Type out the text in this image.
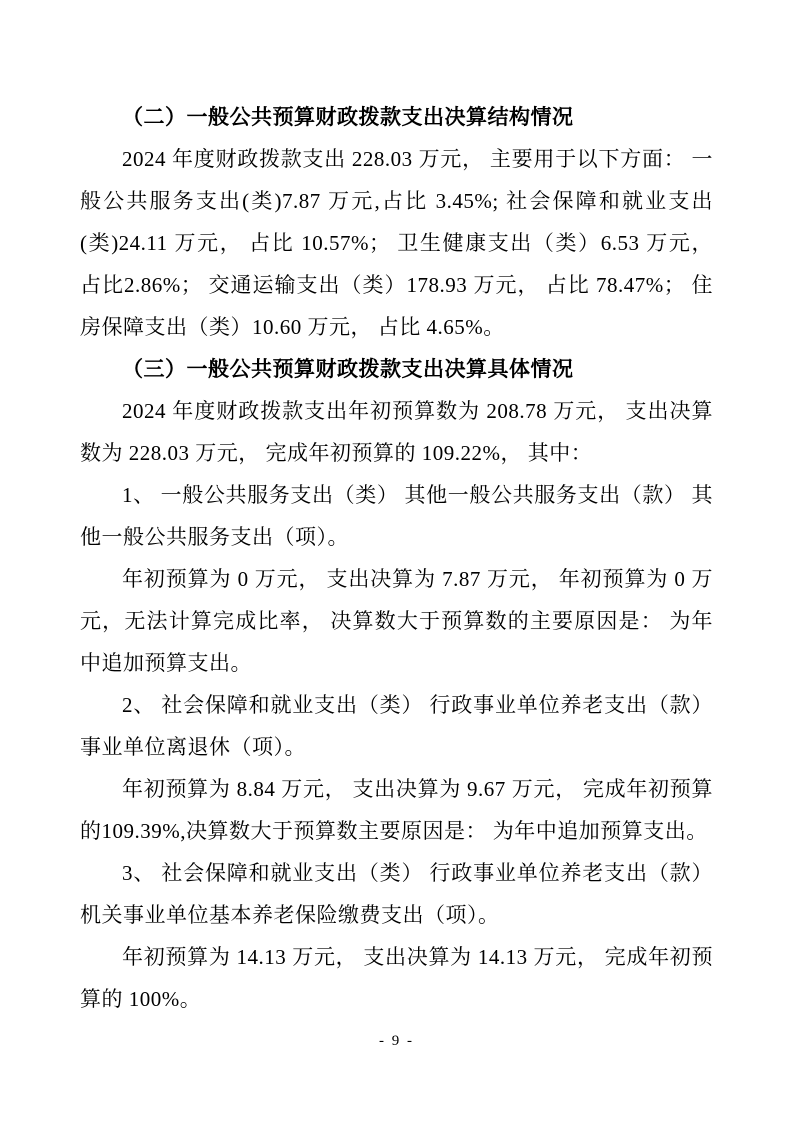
（二）一般公共预算财政拨款支出决算结构情况

2024 年度财政拨款支出 228.03 万元， 主要用于以下方面： 一般公共服务支出(类)7.87 万元,占比 3.45%; 社会保障和就业支出(类)24.11 万元， 占比 10.57%； 卫生健康支出（类）6.53 万元， 占比2.86%； 交通运输支出（类）178.93 万元， 占比 78.47%； 住房保障支出（类）10.60 万元， 占比 4.65%。

（三）一般公共预算财政拨款支出决算具体情况

2024 年度财政拨款支出年初预算数为 208.78 万元， 支出决算数为 228.03 万元， 完成年初预算的 109.22%， 其中：

1、 一般公共服务支出（类） 其他一般公共服务支出（款） 其他一般公共服务支出（项）。

年初预算为 0 万元， 支出决算为 7.87 万元， 年初预算为 0 万元，无法计算完成比率， 决算数大于预算数的主要原因是： 为年中追加预算支出。

2、 社会保障和就业支出（类） 行政事业单位养老支出（款） 事业单位离退休（项）。

年初预算为 8.84 万元， 支出决算为 9.67 万元， 完成年初预算的109.39%,决算数大于预算数主要原因是： 为年中追加预算支出。

3、 社会保障和就业支出（类） 行政事业单位养老支出（款） 机关事业单位基本养老保险缴费支出（项）。

年初预算为 14.13 万元， 支出决算为 14.13 万元， 完成年初预算的 100%。

- 9 -
